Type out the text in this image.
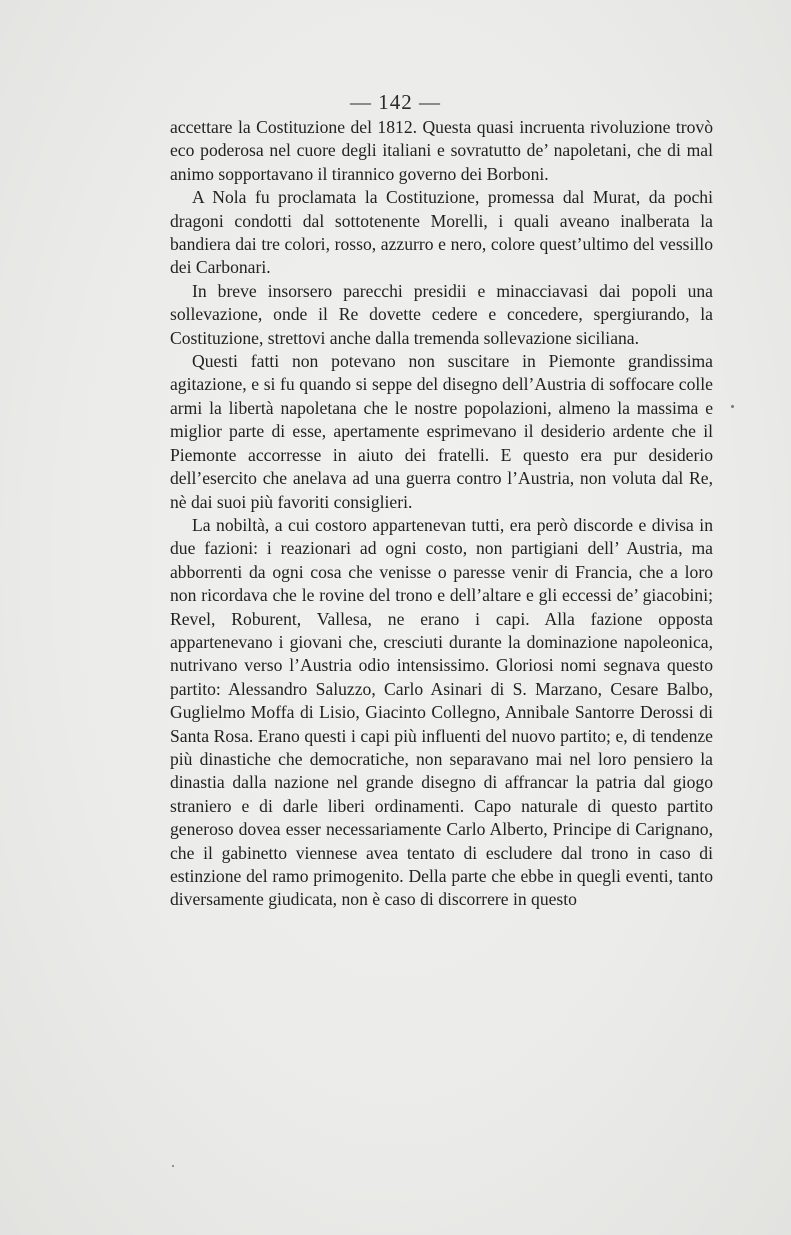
— 142 —

accettare la Costituzione del 1812. Questa quasi incruenta rivoluzione trovò eco poderosa nel cuore degli italiani e sovratutto de’ napoletani, che di mal animo sopportavano il tirannico governo dei Borboni.

A Nola fu proclamata la Costituzione, promessa dal Murat, da pochi dragoni condotti dal sottotenente Morelli, i quali aveano inalberata la bandiera dai tre colori, rosso, azzurro e nero, colore quest’ultimo del vessillo dei Carbonari.

In breve insorsero parecchi presidii e minacciavasi dai popoli una sollevazione, onde il Re dovette cedere e concedere, spergiurando, la Costituzione, strettovi anche dalla tremenda sollevazione siciliana.

Questi fatti non potevano non suscitare in Piemonte grandissima agitazione, e si fu quando si seppe del disegno dell’Austria di soffocare colle armi la libertà napoletana che le nostre popolazioni, almeno la massima e miglior parte di esse, apertamente esprimevano il desiderio ardente che il Piemonte accorresse in aiuto dei fratelli. E questo era pur desiderio dell’esercito che anelava ad una guerra contro l’Austria, non voluta dal Re, nè dai suoi più favoriti consiglieri.

La nobiltà, a cui costoro appartenevan tutti, era però discorde e divisa in due fazioni: i reazionari ad ogni costo, non partigiani dell’ Austria, ma abborrenti da ogni cosa che venisse o paresse venir di Francia, che a loro non ricordava che le rovine del trono e dell’altare e gli eccessi de’ giacobini; Revel, Roburent, Vallesa, ne erano i capi. Alla fazione opposta appartenevano i giovani che, cresciuti durante la dominazione napoleonica, nutrivano verso l’Austria odio intensissimo. Gloriosi nomi segnava questo partito: Alessandro Saluzzo, Carlo Asinari di S. Marzano, Cesare Balbo, Guglielmo Moffa di Lisio, Giacinto Collegno, Annibale Santorre Derossi di Santa Rosa. Erano questi i capi più influenti del nuovo partito; e, di tendenze più dinastiche che democratiche, non separavano mai nel loro pensiero la dinastia dalla nazione nel grande disegno di affrancar la patria dal giogo straniero e di darle liberi ordinamenti. Capo naturale di questo partito generoso dovea esser necessariamente Carlo Alberto, Principe di Carignano, che il gabinetto viennese avea tentato di escludere dal trono in caso di estinzione del ramo primogenito. Della parte che ebbe in quegli eventi, tanto diversamente giudicata, non è caso di discorrere in questo
